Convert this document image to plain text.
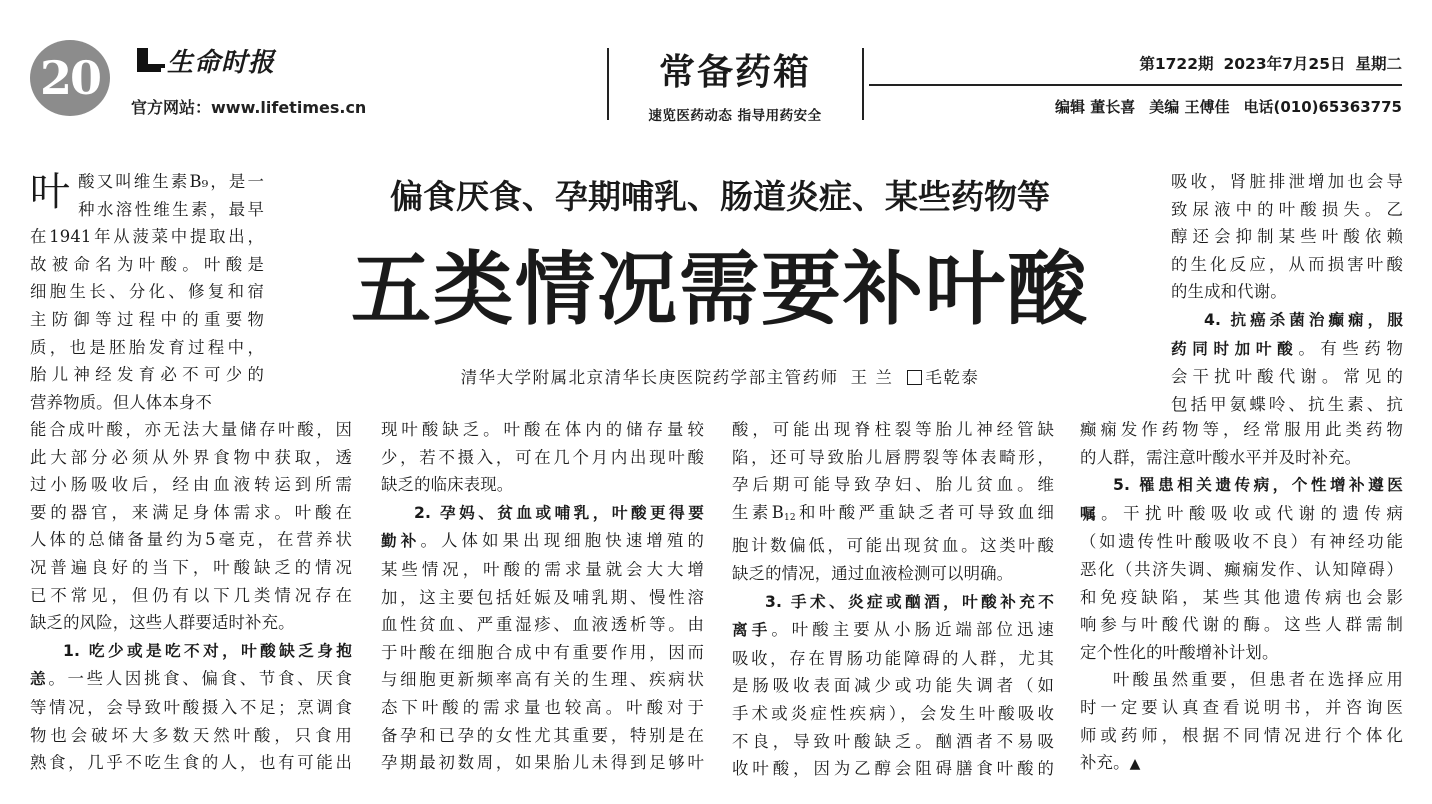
20	生命时报
官方网站：www.lifetimes.cn
常备药箱
速览医药动态 指导用药安全
第1722期 2023年7月25日 星期二
编辑 董长喜 美编 王傅佳 电话(010)65363775
偏食厌食、孕期哺乳、肠道炎症、某些药物等
五类情况需要补叶酸
清华大学附属北京清华长庚医院药学部主管药师 王 兰 毛乾泰
叶 酸又叫维生素B₉，是一
种水溶性维生素，最早
在1941年从菠菜中提取出，
故被命名为叶酸。叶酸是
细胞生长、分化、修复和宿
主防御等过程中的重要物
质，也是胚胎发育过程中，
胎儿神经发育必不可少的
营养物质。但人体本身不
能合成叶酸，亦无法大量储存叶酸，因
此大部分必须从外界食物中获取，透
过小肠吸收后，经由血液转运到所需
要的器官，来满足身体需求。叶酸在
人体的总储备量约为5毫克，在营养状
况普遍良好的当下，叶酸缺乏的情况
已不常见，但仍有以下几类情况存在
缺乏的风险，这些人群要适时补充。
1. 吃少或是吃不对，叶酸缺乏身抱
恙。一些人因挑食、偏食、节食、厌食
等情况，会导致叶酸摄入不足；烹调食
物也会破坏大多数天然叶酸，只食用
熟食，几乎不吃生食的人，也有可能出
现叶酸缺乏。叶酸在体内的储存量较
少，若不摄入，可在几个月内出现叶酸
缺乏的临床表现。
2. 孕妈、贫血或哺乳，叶酸更得要
勤补。人体如果出现细胞快速增殖的
某些情况，叶酸的需求量就会大大增
加，这主要包括妊娠及哺乳期、慢性溶
血性贫血、严重湿疹、血液透析等。由
于叶酸在细胞合成中有重要作用，因而
与细胞更新频率高有关的生理、疾病状
态下叶酸的需求量也较高。叶酸对于
备孕和已孕的女性尤其重要，特别是在
孕期最初数周，如果胎儿未得到足够叶
酸，可能出现脊柱裂等胎儿神经管缺
陷，还可导致胎儿唇腭裂等体表畸形，
孕后期可能导致孕妇、胎儿贫血。维
生素$B_{12}$和叶酸严重缺乏者可导致血细
胞计数偏低，可能出现贫血。这类叶酸
缺乏的情况，通过血液检测可以明确。
3. 手术、炎症或酗酒，叶酸补充不
离手。叶酸主要从小肠近端部位迅速
吸收，存在胃肠功能障碍的人群，尤其
是肠吸收表面减少或功能失调者（如
手术或炎症性疾病），会发生叶酸吸收
不良，导致叶酸缺乏。酗酒者不易吸
收叶酸，因为乙醇会阻碍膳食叶酸的
吸收，肾脏排泄增加也会导
致尿液中的叶酸损失。乙
醇还会抑制某些叶酸依赖
的生化反应，从而损害叶酸
的生成和代谢。
4. 抗癌杀菌治癫痫，服
药同时加叶酸。有些药物
会干扰叶酸代谢。常见的
包括甲氨蝶呤、抗生素、抗
癫痫发作药物等，经常服用此类药物
的人群，需注意叶酸水平并及时补充。
5. 罹患相关遗传病，个性增补遵医
嘱。干扰叶酸吸收或代谢的遗传病
（如遗传性叶酸吸收不良）有神经功能
恶化（共济失调、癫痫发作、认知障碍）
和免疫缺陷，某些其他遗传病也会影
响参与叶酸代谢的酶。这些人群需制
定个性化的叶酸增补计划。
叶酸虽然重要，但患者在选择应用
时一定要认真查看说明书，并咨询医
师或药师，根据不同情况进行个体化
补充。▲
